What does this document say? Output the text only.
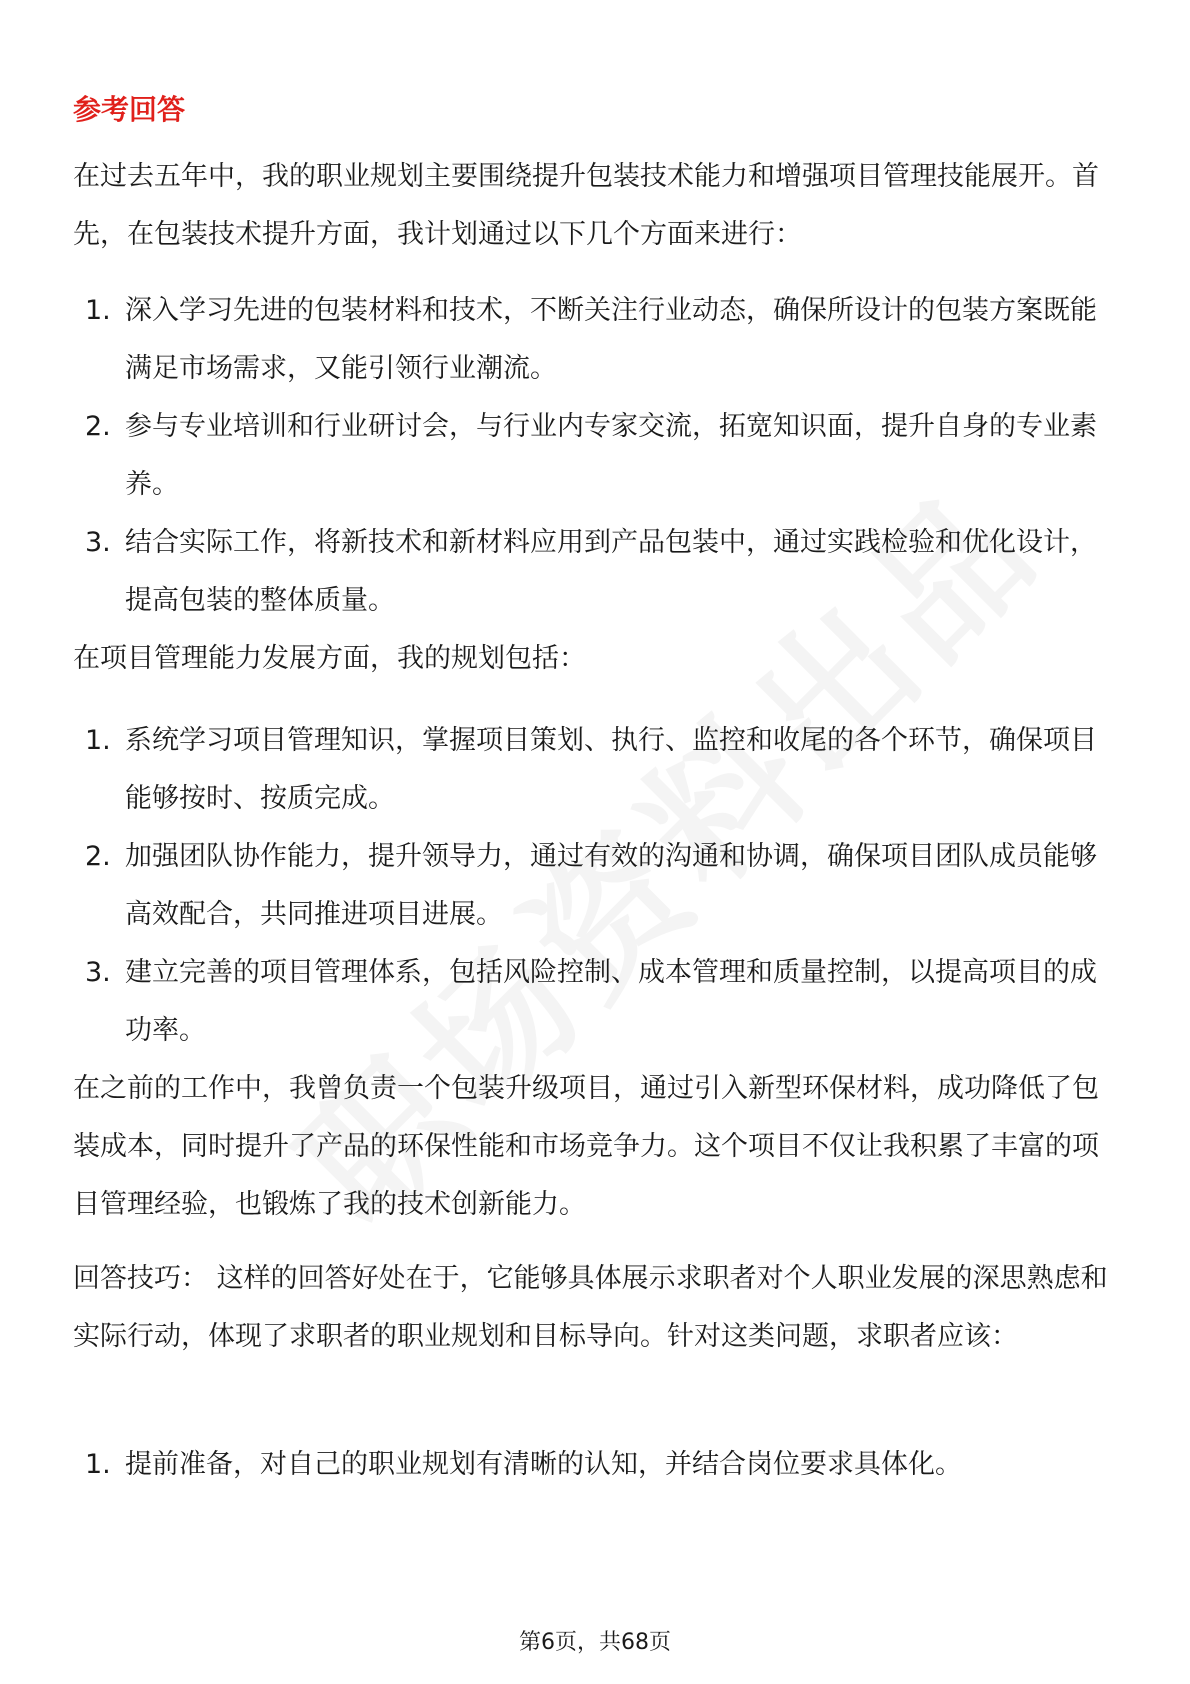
参考回答

在过去五年中，我的职业规划主要围绕提升包装技术能力和增强项目管理技能展开。首先，在包装技术提升方面，我计划通过以下几个方面来进行：

1. 深入学习先进的包装材料和技术，不断关注行业动态，确保所设计的包装方案既能满足市场需求，又能引领行业潮流。
2. 参与专业培训和行业研讨会，与行业内专家交流，拓宽知识面，提升自身的专业素养。
3. 结合实际工作，将新技术和新材料应用到产品包装中，通过实践检验和优化设计，提高包装的整体质量。

在项目管理能力发展方面，我的规划包括：

1. 系统学习项目管理知识，掌握项目策划、执行、监控和收尾的各个环节，确保项目能够按时、按质完成。
2. 加强团队协作能力，提升领导力，通过有效的沟通和协调，确保项目团队成员能够高效配合，共同推进项目进展。
3. 建立完善的项目管理体系，包括风险控制、成本管理和质量控制，以提高项目的成功率。

在之前的工作中，我曾负责一个包装升级项目，通过引入新型环保材料，成功降低了包装成本，同时提升了产品的环保性能和市场竞争力。这个项目不仅让我积累了丰富的项目管理经验，也锻炼了我的技术创新能力。

回答技巧： 这样的回答好处在于，它能够具体展示求职者对个人职业发展的深思熟虑和实际行动，体现了求职者的职业规划和目标导向。针对这类问题，求职者应该：

1. 提前准备，对自己的职业规划有清晰的认知，并结合岗位要求具体化。
第6页，共68页
